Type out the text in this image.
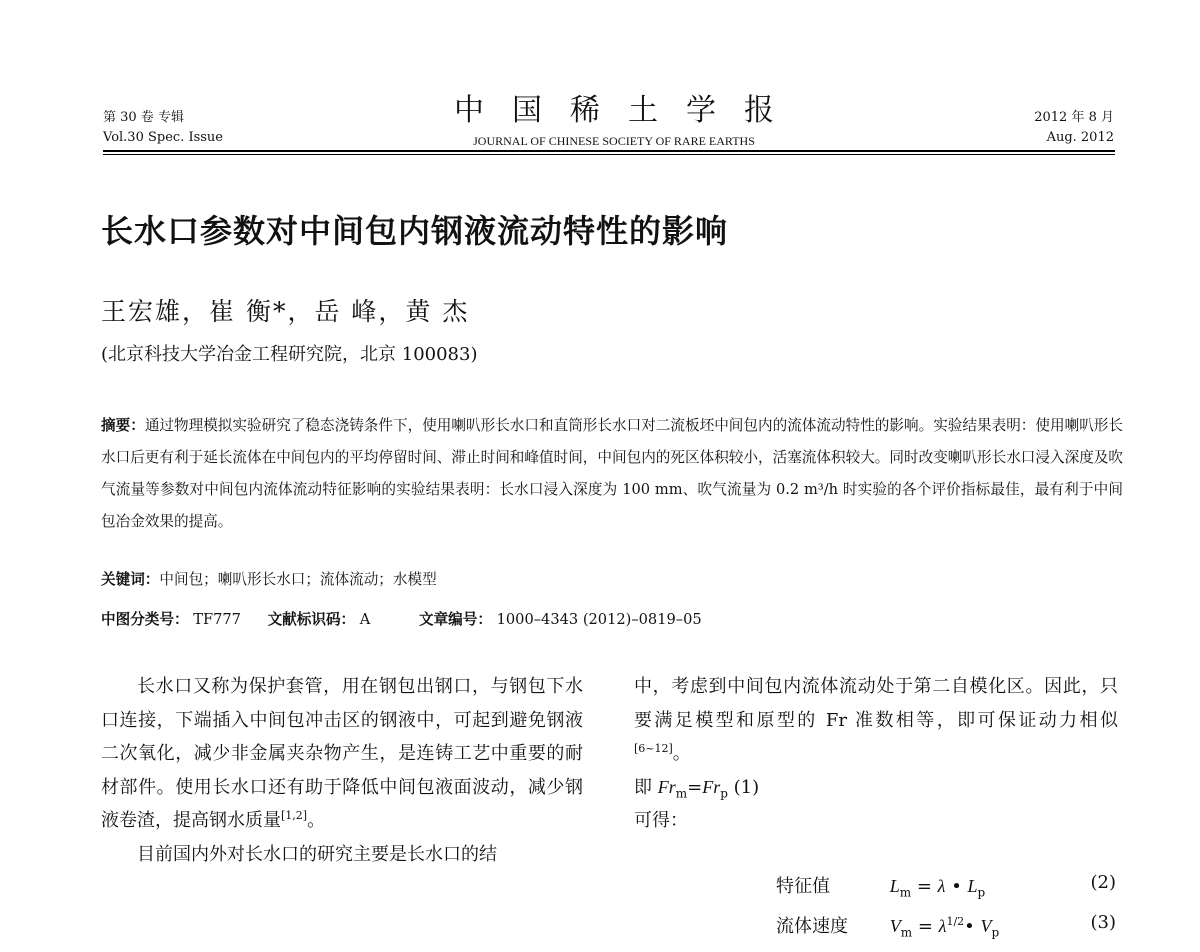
第 30 卷 专辑
Vol.30 Spec. Issue
中国稀土学报
JOURNAL OF CHINESE SOCIETY OF RARE EARTHS
2012 年 8 月
Aug. 2012
长水口参数对中间包内钢液流动特性的影响
王宏雄，崔 衡*，岳 峰，黄 杰
(北京科技大学冶金工程研究院，北京 100083)
摘要：通过物理模拟实验研究了稳态浇铸条件下，使用喇叭形长水口和直筒形长水口对二流板坯中间包内的流体流动特性的影响。实验结果表明：使用喇叭形长水口后更有利于延长流体在中间包内的平均停留时间、滞止时间和峰值时间，中间包内的死区体积较小，活塞流体积较大。同时改变喇叭形长水口浸入深度及吹气流量等参数对中间包内流体流动特征影响的实验结果表明：长水口浸入深度为 100 mm、吹气流量为 0.2 m³/h 时实验的各个评价指标最佳，最有利于中间包冶金效果的提高。
关键词：中间包；喇叭形长水口；流体流动；水模型
中图分类号： TF777 文献标识码： A	文章编号： 1000–4343 (2012)–0819–05
长水口又称为保护套管，用在钢包出钢口，与钢包下水口连接，下端插入中间包冲击区的钢液中，可起到避免钢液二次氧化，减少非金属夹杂物产生，是连铸工艺中重要的耐材部件。使用长水口还有助于降低中间包液面波动，减少钢液卷渣，提高钢水质量[1,2]。
目前国内外对长水口的研究主要是长水口的结
中，考虑到中间包内流体流动处于第二自模化区。因此，只要满足模型和原型的 Fr 准数相等，即可保证动力相似[6~12]。
即 $Fr_m=Fr_p$ (1)
可得：
特征值	$L_m = \lambda$ • $L_p$	(2)
流体速度 $V_m$ = $\lambda^{1/2}•$ $V_p$	(3)
